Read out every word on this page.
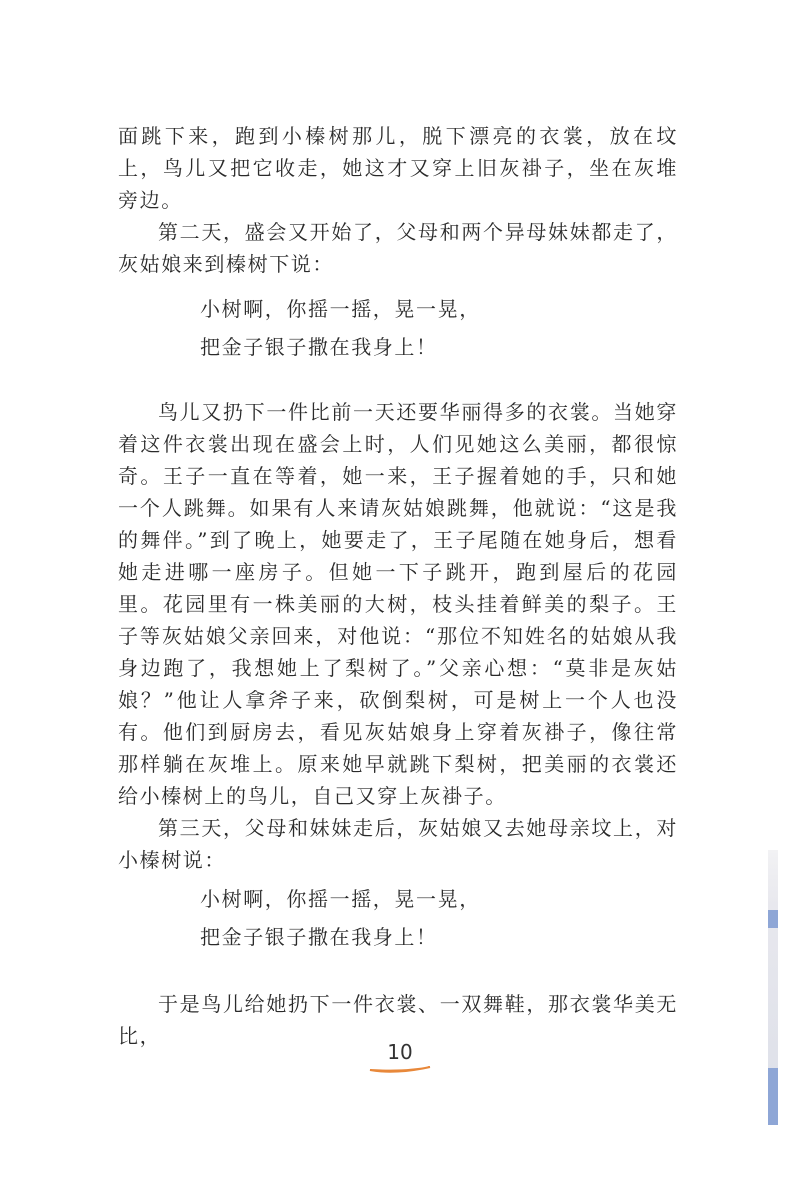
面跳下来，跑到小榛树那儿，脱下漂亮的衣裳，放在坟上，鸟儿又把它收走，她这才又穿上旧灰褂子，坐在灰堆旁边。

第二天，盛会又开始了，父母和两个异母妹妹都走了，灰姑娘来到榛树下说：

小树啊，你摇一摇，晃一晃，
把金子银子撒在我身上！

鸟儿又扔下一件比前一天还要华丽得多的衣裳。当她穿着这件衣裳出现在盛会上时，人们见她这么美丽，都很惊奇。王子一直在等着，她一来，王子握着她的手，只和她一个人跳舞。如果有人来请灰姑娘跳舞，他就说：“这是我的舞伴。”到了晚上，她要走了，王子尾随在她身后，想看她走进哪一座房子。但她一下子跳开，跑到屋后的花园里。花园里有一株美丽的大树，枝头挂着鲜美的梨子。王子等灰姑娘父亲回来，对他说：“那位不知姓名的姑娘从我身边跑了，我想她上了梨树了。”父亲心想：“莫非是灰姑娘？”他让人拿斧子来，砍倒梨树，可是树上一个人也没有。他们到厨房去，看见灰姑娘身上穿着灰褂子，像往常那样躺在灰堆上。原来她早就跳下梨树，把美丽的衣裳还给小榛树上的鸟儿，自己又穿上灰褂子。

第三天，父母和妹妹走后，灰姑娘又去她母亲坟上，对小榛树说：

小树啊，你摇一摇，晃一晃，
把金子银子撒在我身上！

于是鸟儿给她扔下一件衣裳、一双舞鞋，那衣裳华美无比，

10
